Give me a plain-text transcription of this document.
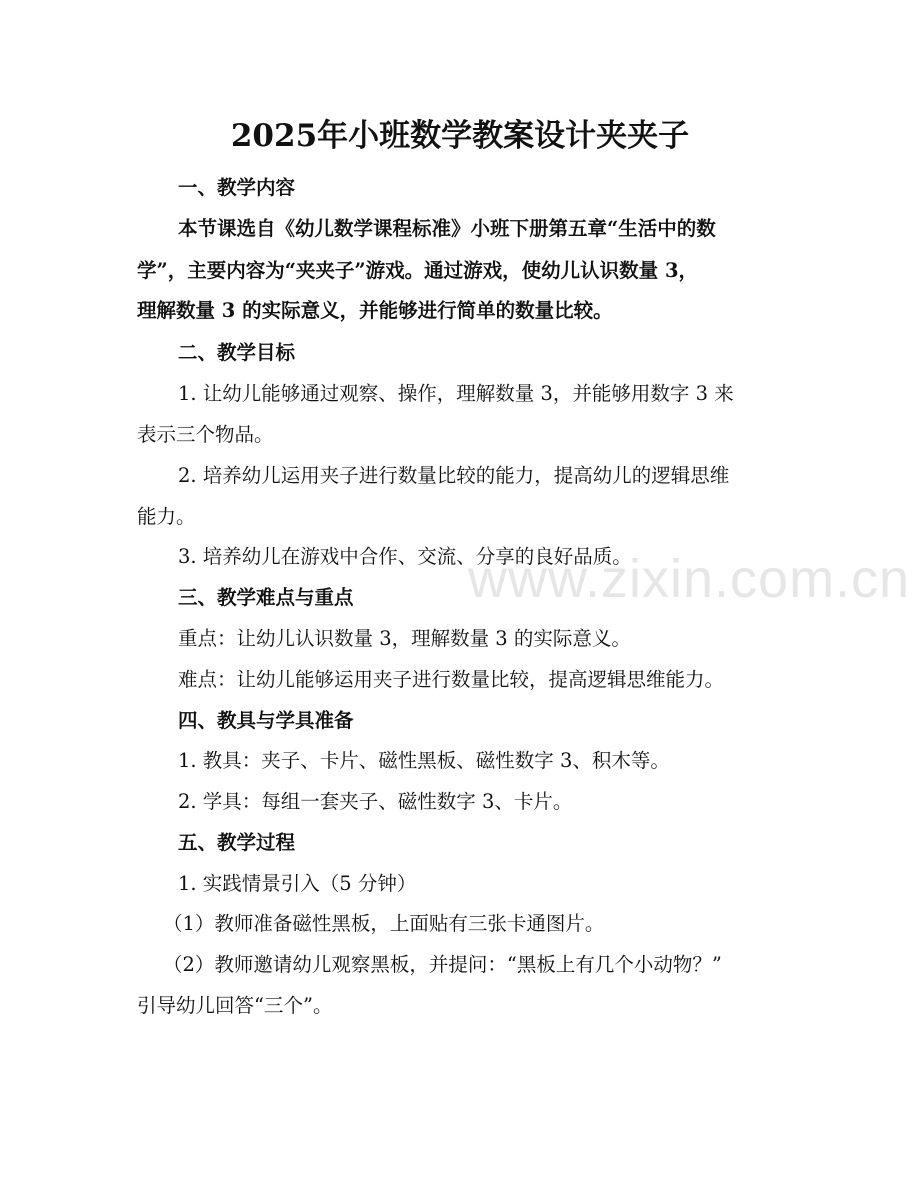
www.zixin.com.cn
2025年小班数学教案设计夹夹子

一、教学内容

本节课选自《幼儿数学课程标准》小班下册第五章“生活中的数

学”，主要内容为“夹夹子”游戏。通过游戏，使幼儿认识数量 3，

理解数量 3 的实际意义，并能够进行简单的数量比较。

二、教学目标

1. 让幼儿能够通过观察、操作，理解数量 3，并能够用数字 3 来

表示三个物品。

2. 培养幼儿运用夹子进行数量比较的能力，提高幼儿的逻辑思维

能力。

3. 培养幼儿在游戏中合作、交流、分享的良好品质。

三、教学难点与重点

重点：让幼儿认识数量 3，理解数量 3 的实际意义。

难点：让幼儿能够运用夹子进行数量比较，提高逻辑思维能力。

四、教具与学具准备

1. 教具：夹子、卡片、磁性黑板、磁性数字 3、积木等。

2. 学具：每组一套夹子、磁性数字 3、卡片。

五、教学过程

1. 实践情景引入（5 分钟）

（1）教师准备磁性黑板，上面贴有三张卡通图片。

（2）教师邀请幼儿观察黑板，并提问：“黑板上有几个小动物？”

引导幼儿回答“三个”。
